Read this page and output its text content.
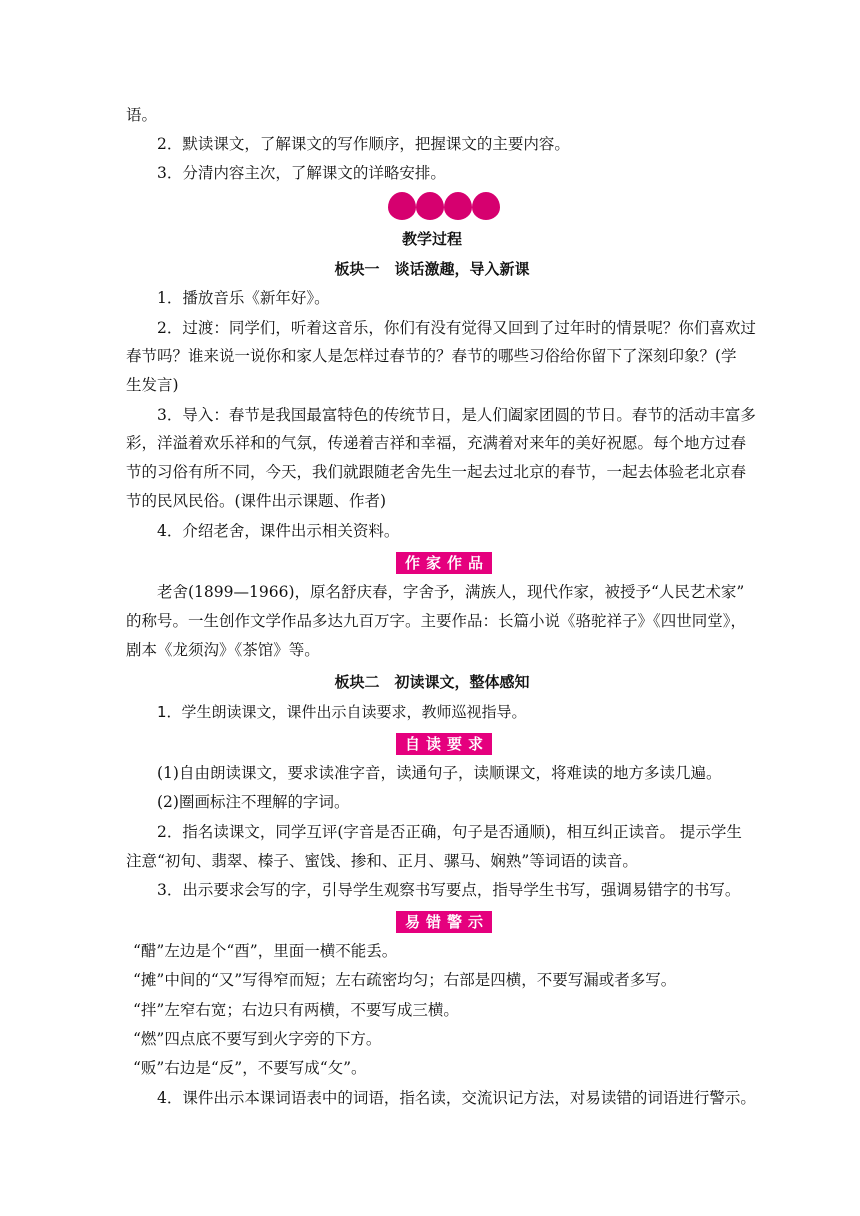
语。
2．默读课文，了解课文的写作顺序，把握课文的主要内容。
3．分清内容主次，了解课文的详略安排。
教学过程
板块一　谈话激趣，导入新课
1．播放音乐《新年好》。
2．过渡：同学们，听着这音乐，你们有没有觉得又回到了过年时的情景呢？你们喜欢过
春节吗？谁来说一说你和家人是怎样过春节的？春节的哪些习俗给你留下了深刻印象？(学
生发言)
3．导入：春节是我国最富特色的传统节日，是人们阖家团圆的节日。春节的活动丰富多
彩，洋溢着欢乐祥和的气氛，传递着吉祥和幸福，充满着对来年的美好祝愿。每个地方过春
节的习俗有所不同，今天，我们就跟随老舍先生一起去过北京的春节，一起去体验老北京春
节的民风民俗。(课件出示课题、作者)
4．介绍老舍，课件出示相关资料。
作家作品
老舍(1899—1966)，原名舒庆春，字舍予，满族人，现代作家，被授予“人民艺术家”
的称号。一生创作文学作品多达九百万字。主要作品：长篇小说《骆驼祥子》《四世同堂》，
剧本《龙须沟》《茶馆》等。
板块二　初读课文，整体感知
1．学生朗读课文，课件出示自读要求，教师巡视指导。
自读要求
(1)自由朗读课文，要求读准字音，读通句子，读顺课文，将难读的地方多读几遍。
(2)圈画标注不理解的字词。
2．指名读课文，同学互评(字音是否正确，句子是否通顺)，相互纠正读音。 提示学生
注意“初旬、翡翠、榛子、蜜饯、掺和、正月、骡马、娴熟”等词语的读音。
3．出示要求会写的字，引导学生观察书写要点，指导学生书写，强调易错字的书写。
易错警示
“醋”左边是个“酉”，里面一横不能丢。
“摊”中间的“又”写得窄而短；左右疏密均匀；右部是四横，不要写漏或者多写。
“拌”左窄右宽；右边只有两横，不要写成三横。
“燃”四点底不要写到火字旁的下方。
“贩”右边是“反”，不要写成“攵”。
4．课件出示本课词语表中的词语，指名读，交流识记方法，对易读错的词语进行警示。
